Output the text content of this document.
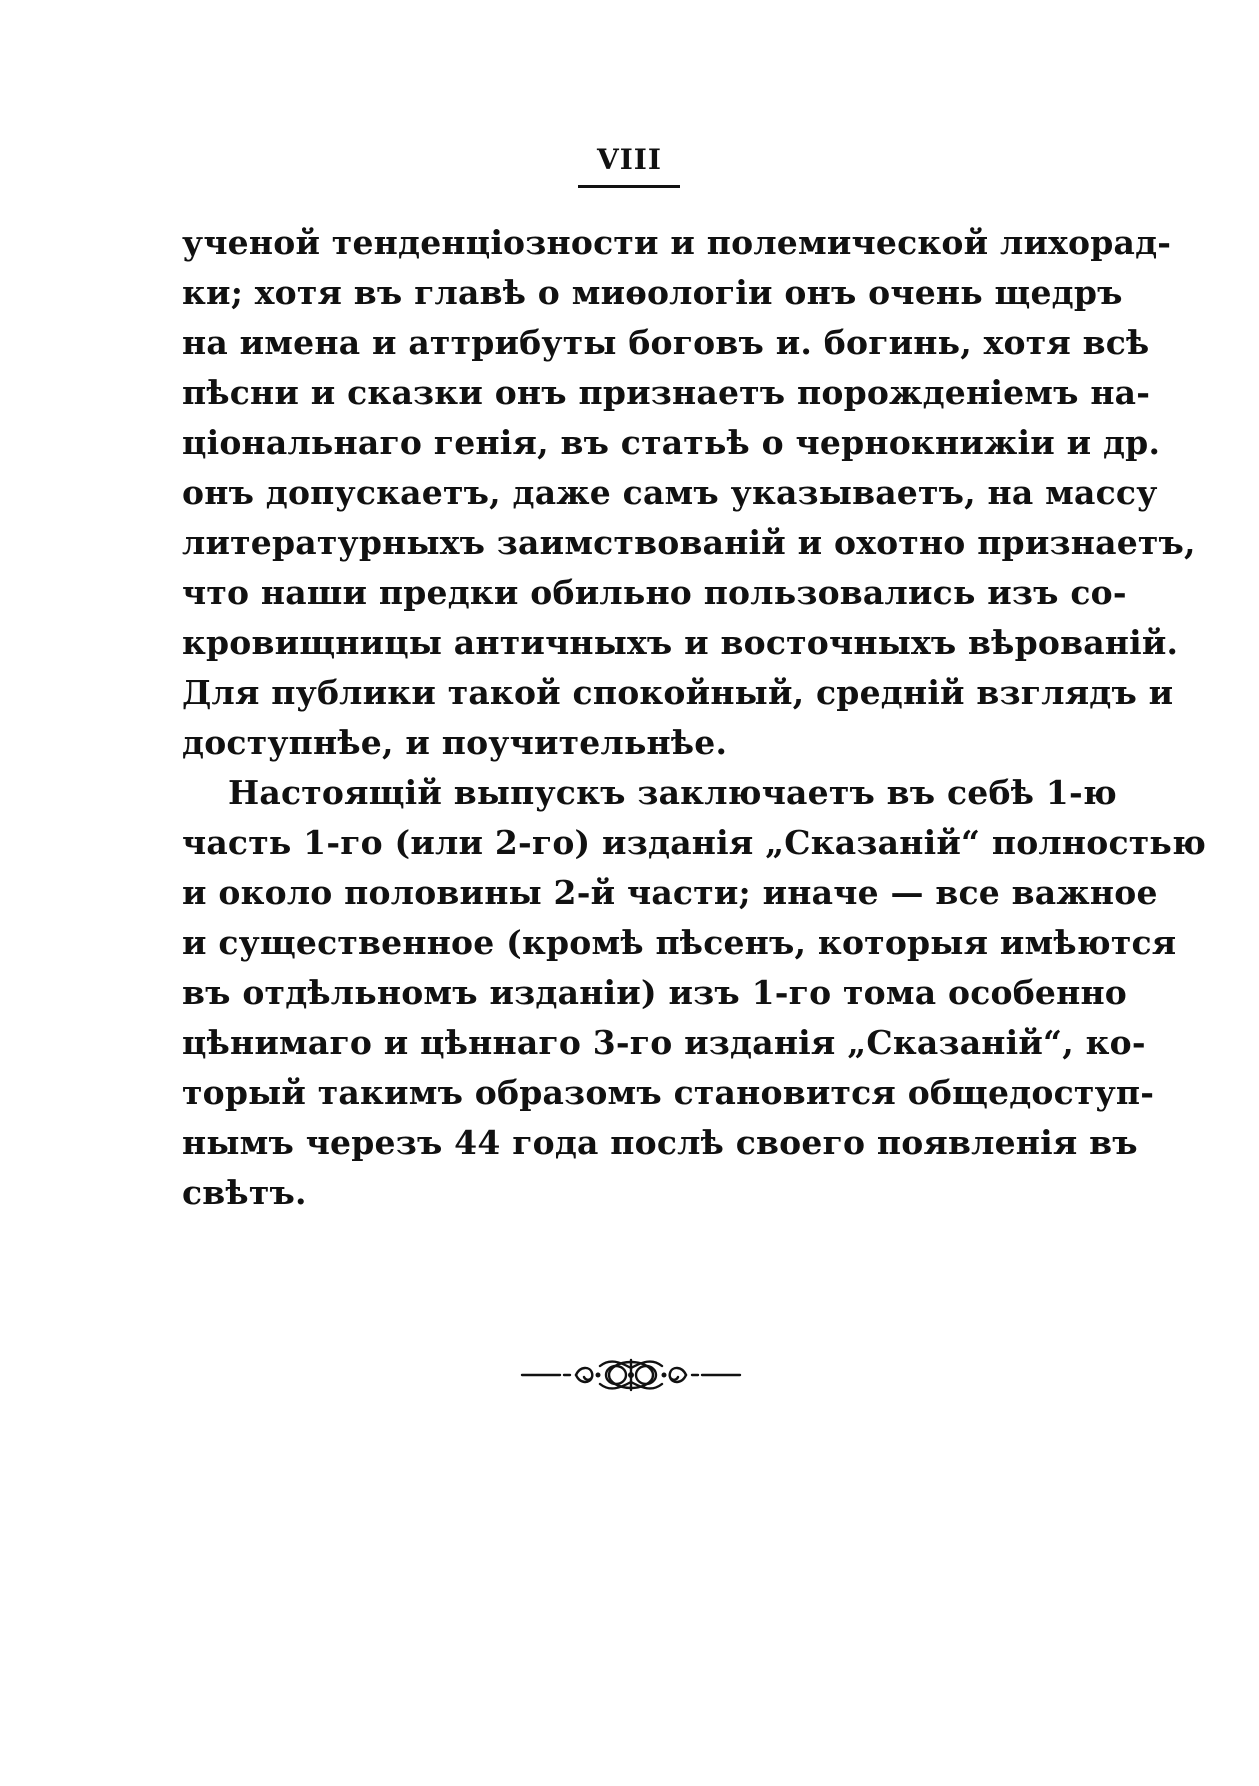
VIII
ученой тенденціозности и полемической лихорад-
ки; хотя въ главѣ о миѳологіи онъ очень щедръ
на имена и аттрибуты боговъ и. богинь, хотя всѣ
пѣсни и сказки онъ признаетъ порожденіемъ на-
ціональнаго генія, въ статьѣ о чернокнижіи и др.
онъ допускаетъ, даже самъ указываетъ, на массу
литературныхъ заимствованій и охотно признаетъ,
что наши предки обильно пользовались изъ со-
кровищницы античныхъ и восточныхъ вѣрованій.
Для публики такой спокойный, средній взглядъ и
доступнѣе, и поучительнѣе.
Настоящій выпускъ заключаетъ въ себѣ 1-ю
часть 1-го (или 2-го) изданія „Сказаній“ полностью
и около половины 2-й части; иначе — все важное
и существенное (кромѣ пѣсенъ, которыя имѣются
въ отдѣльномъ изданіи) изъ 1-го тома особенно
цѣнимаго и цѣннаго 3-го изданія „Сказаній“, ко-
торый такимъ образомъ становится общедоступ-
нымъ черезъ 44 года послѣ своего появленія въ
свѣтъ.
